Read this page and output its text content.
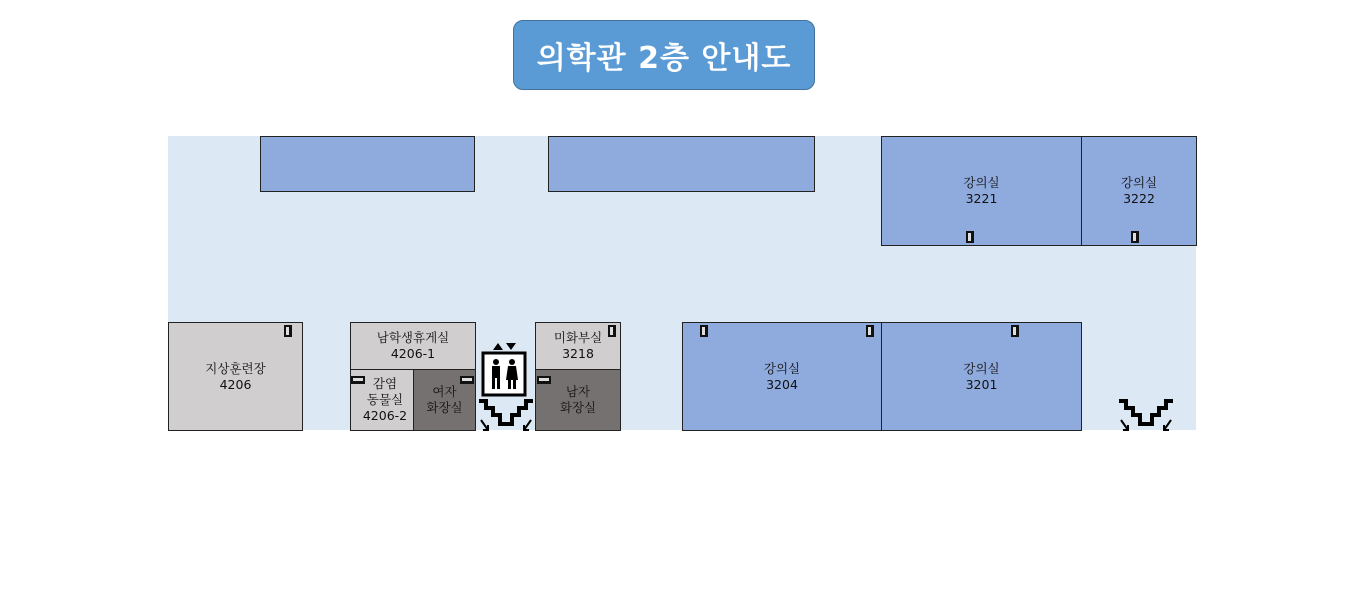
의학관 2층 안내도
강의실
3221
강의실
3222
지상훈련장
4206
남학생휴게실
4206-1
감염
동물실
4206-2
여자
화장실
미화부실
3218
남자
화장실
강의실
3204
강의실
3201
